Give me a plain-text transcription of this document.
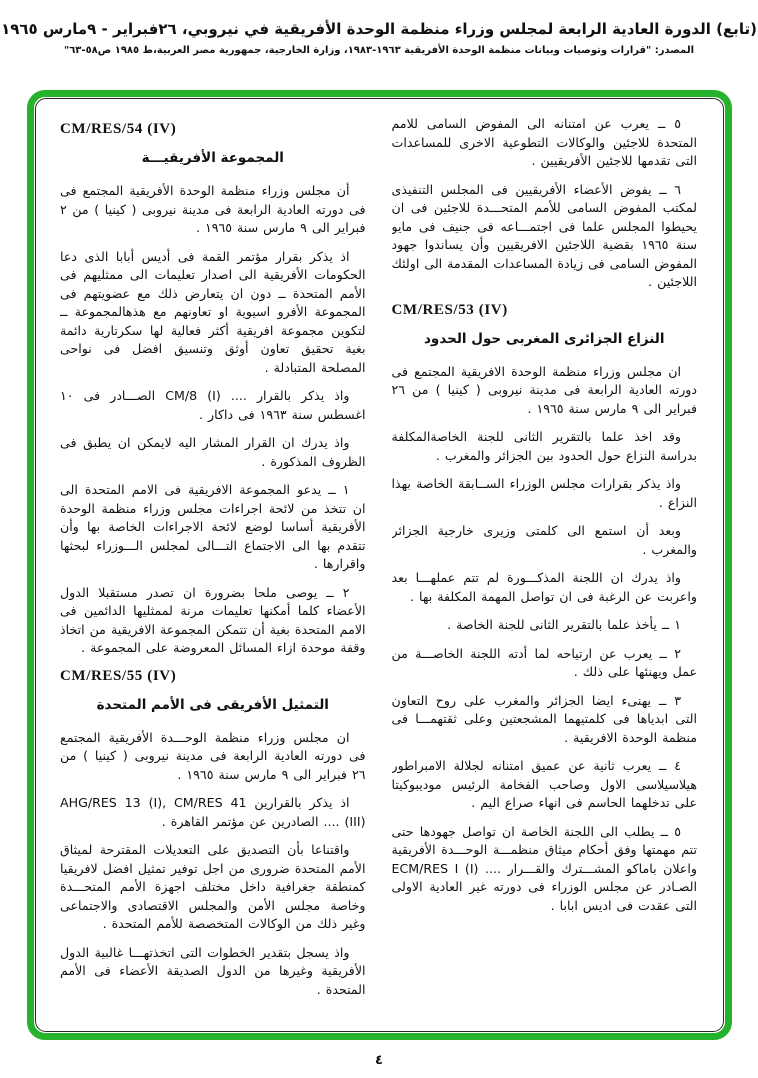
(تابع) الدورة العادية الرابعة لمجلس وزراء منظمة الوحدة الأفريقية في نيروبي، ٢٦فبراير - ٩مارس ١٩٦٥
المصدر: "قرارات وتوصيات وبيانات منظمة الوحدة الأفريقية ١٩٦٣-١٩٨٣، وزارة الخارجية، جمهورية مصر العربية،ط ١٩٨٥ ص٥٨-٦٣"
٥ ــ يعرب عن امتنانه الى المفوض السامى للامم المتحدة للاجئين والوكالات التطوعية الاخرى للمساعدات التى تقدمها للاجئين الأفريقيين .
٦ ــ يفوض الأعضاء الأفريقيين فى المجلس التنفيذى لمكتب المفوض السامى للأمم المتحـــدة للاجئين فى ان يحيطوا المجلس علما فى اجتمـــاعه فى جنيف فى مايو سنة ١٩٦٥ بقضية اللاجئين الافريقيين وأن يساندوا جهود المفوض السامى فى زيادة المساعدات المقدمة الى اولئك اللاجئين .
CM/RES/53 (IV)
النزاع الجزائرى المغربى حول الحدود
ان مجلس وزراء منظمة الوحدة الافريقية المجتمع فى دورته العادية الرابعة فى مدينة نيروبى ( كينيا ) من ٢٦ فبراير الى ٩ مارس سنة ١٩٦٥ .
وقد اخذ علما بالتقرير الثانى للجنة الخاصةالمكلفة بدراسة النزاع حول الحدود بين الجزائر والمغرب .
واذ يذكر بقرارات مجلس الوزراء الســابقة الخاصة بهذا النزاع .
وبعد أن استمع الى كلمتى وزيرى خارجية الجزائر والمغرب .
واذ يدرك ان اللجنة المذكـــورة لم تتم عملهـــا بعد واعربت عن الرغبة فى ان تواصل المهمة المكلفة بها .
١ ــ يأخذ علما بالتقرير الثانى للجنة الخاصة .
٢ ــ يعرب عن ارتياحه لما أدته اللجنة الخاصـــة من عمل ويهنئها على ذلك .
٣ ــ يهنىء ايضا الجزائر والمغرب على روح التعاون التى ابدياها فى كلمتيهما المشجعتين وعلى ثقتهمـــا فى منظمة الوحدة الافريقية .
٤ ــ يعرب ثانية عن عميق امتنانه لجلالة الامبراطور هيلاسيلاسى الاول وصاحب الفخامة الرئيس موديبوكيتا على تدخلهما الحاسم فى انهاء صراع اليم .
٥ ــ يطلب الى اللجنة الخاصة ان تواصل جهودها حتى تتم مهمتها وفق أحكام ميثاق منظمـــة الوحـــدة الأفريقية واعلان باماكو المشـــترك والقـــرار .... ECM/RES I (I) الصـادر عن مجلس الوزراء فى دورته غير العادية الاولى التى عقدت فى اديس ابابا .
CM/RES/54 (IV)
المجموعة الأفريقيـــة
أن مجلس وزراء منظمة الوحدة الأفريقية المجتمع فى فى دورته العادية الرابعة فى مدينة نيروبى ( كينيا ) من ٢ فبراير الى ٩ مارس سنة ١٩٦٥ .
اذ يذكر بقرار مؤتمر القمة فى أديس أبابا الذى دعا الحكومات الأفريقية الى اصدار تعليمات الى ممثليهم فى الأمم المتحدة ــ دون ان يتعارض ذلك مع عضويتهم فى المجموعة الأفرو اسيوية او تعاونهم مع هذهالمجموعة ــ لتكوين مجموعة افريقية أكثر فعالية لها سكرتارية دائمة بغية تحقيق تعاون أوثق وتنسيق افضل فى نواحى المصلحة المتبادلة .
واذ يذكر بالقرار .... CM/8 (I) الصـــادر فى ١٠ اغسطس سنة ١٩٦٣ فى داكار .
واذ يدرك ان القرار المشار اليه لايمكن ان يطبق فى الظروف المذكورة .
١ ــ يدعو المجموعة الافريقية فى الامم المتحدة الى ان تتخذ من لائحة اجراءات مجلس وزراء منظمة الوحدة الأفريقية أساسا لوضع لائحة الاجراءات الخاصة بها وأن تتقدم بها الى الاجتماع التـــالى لمجلس الـــوزراء لبحثها واقرارها .
٢ ــ يوصى ملحا بضرورة ان تصدر مستقبلا الدول الأعضاء كلما أمكنها تعليمات مرنة لممثليها الدائمين فى الامم المتحدة بغية أن تتمكن المجموعة الافريقية من اتخاذ وقفة موحدة ازاء المسائل المعروضة على المجموعة .
CM/RES/55 (IV)
التمثيل الأفريقى فى الأمم المتحدة
ان مجلس وزراء منظمة الوحـــدة الأفريقية المجتمع فى دورته العادية الرابعة فى مدينة نيروبى ( كينيا ) من ٢٦ فبراير الى ٩ مارس سنة ١٩٦٥ .
اذ يذكر بالقرارين AHG/RES 13 (I), CM/RES 41 (III) .... الصادرين عن مؤتمر القاهرة .
واقتناعا بأن التصديق على التعديلات المقترحة لميثاق الأمم المتحدة ضرورى من اجل توفير تمثيل افضل لافريقيا كمنطقة جغرافية داخل مختلف اجهزة الأمم المتحـــدة وخاصة مجلس الأمن والمجلس الاقتصادى والاجتماعى وغير ذلك من الوكالات المتخصصة للأمم المتحدة .
واذ يسجل بتقدير الخطوات التى اتخذتهـــا غالبية الدول الأفريقية وغيرها من الدول الصديقة الأعضاء فى الأمم المتحدة .
٤
